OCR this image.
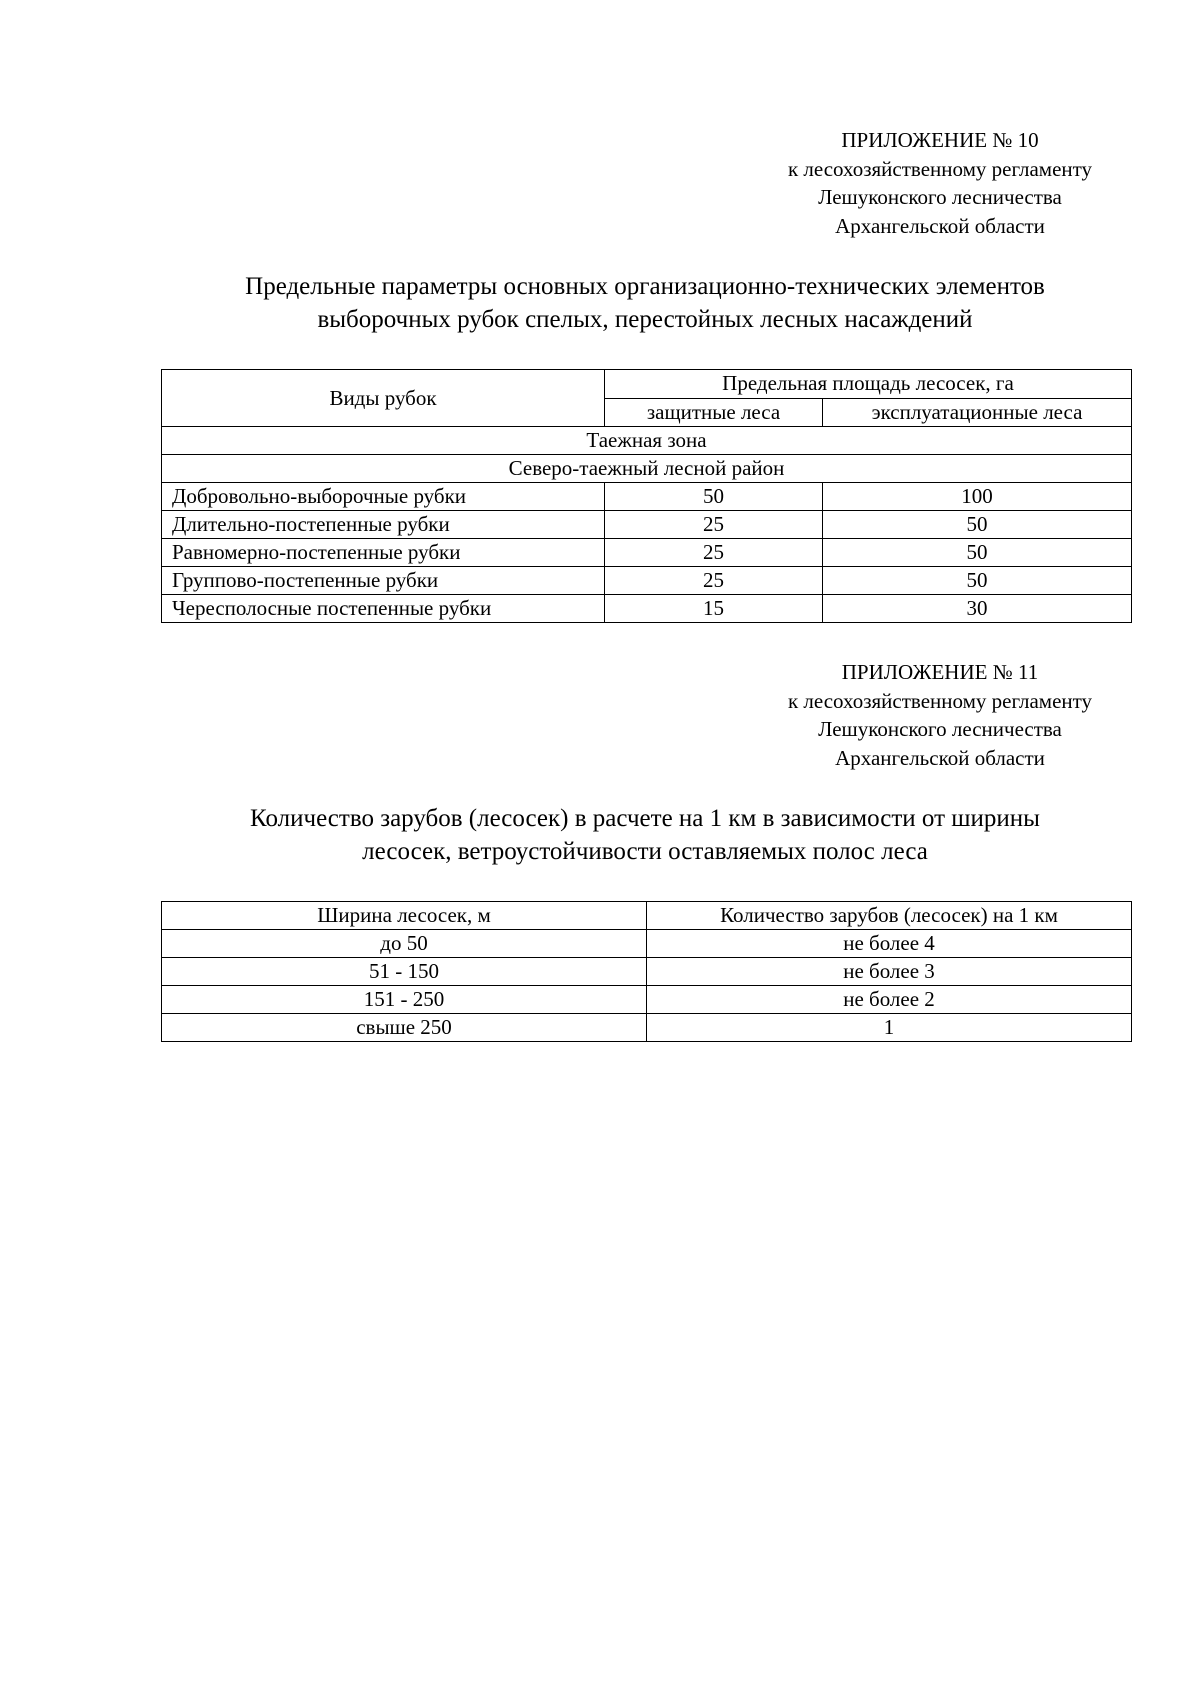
ПРИЛОЖЕНИЕ № 10
к лесохозяйственному регламенту
Лешуконского лесничества
Архангельской области
Предельные параметры основных организационно-технических элементов
выборочных рубок спелых, перестойных лесных насаждений
Виды рубок	Предельная площадь лесосек, га	
	защитные леса	эксплуатационные леса
Таежная зона		
Северо-таежный лесной район		
Добровольно-выборочные рубки	50	100
Длительно-постепенные рубки	25	50
Равномерно-постепенные рубки	25	50
Группово-постепенные рубки	25	50
Чересполосные постепенные рубки	15	30
ПРИЛОЖЕНИЕ № 11
к лесохозяйственному регламенту
Лешуконского лесничества
Архангельской области
Количество зарубов (лесосек) в расчете на 1 км в зависимости от ширины
лесосек, ветроустойчивости оставляемых полос леса
Ширина лесосек, м	Количество зарубов (лесосек) на 1 км
до 50	не более 4
51 - 150	не более 3
151 - 250	не более 2
свыше 250	1
